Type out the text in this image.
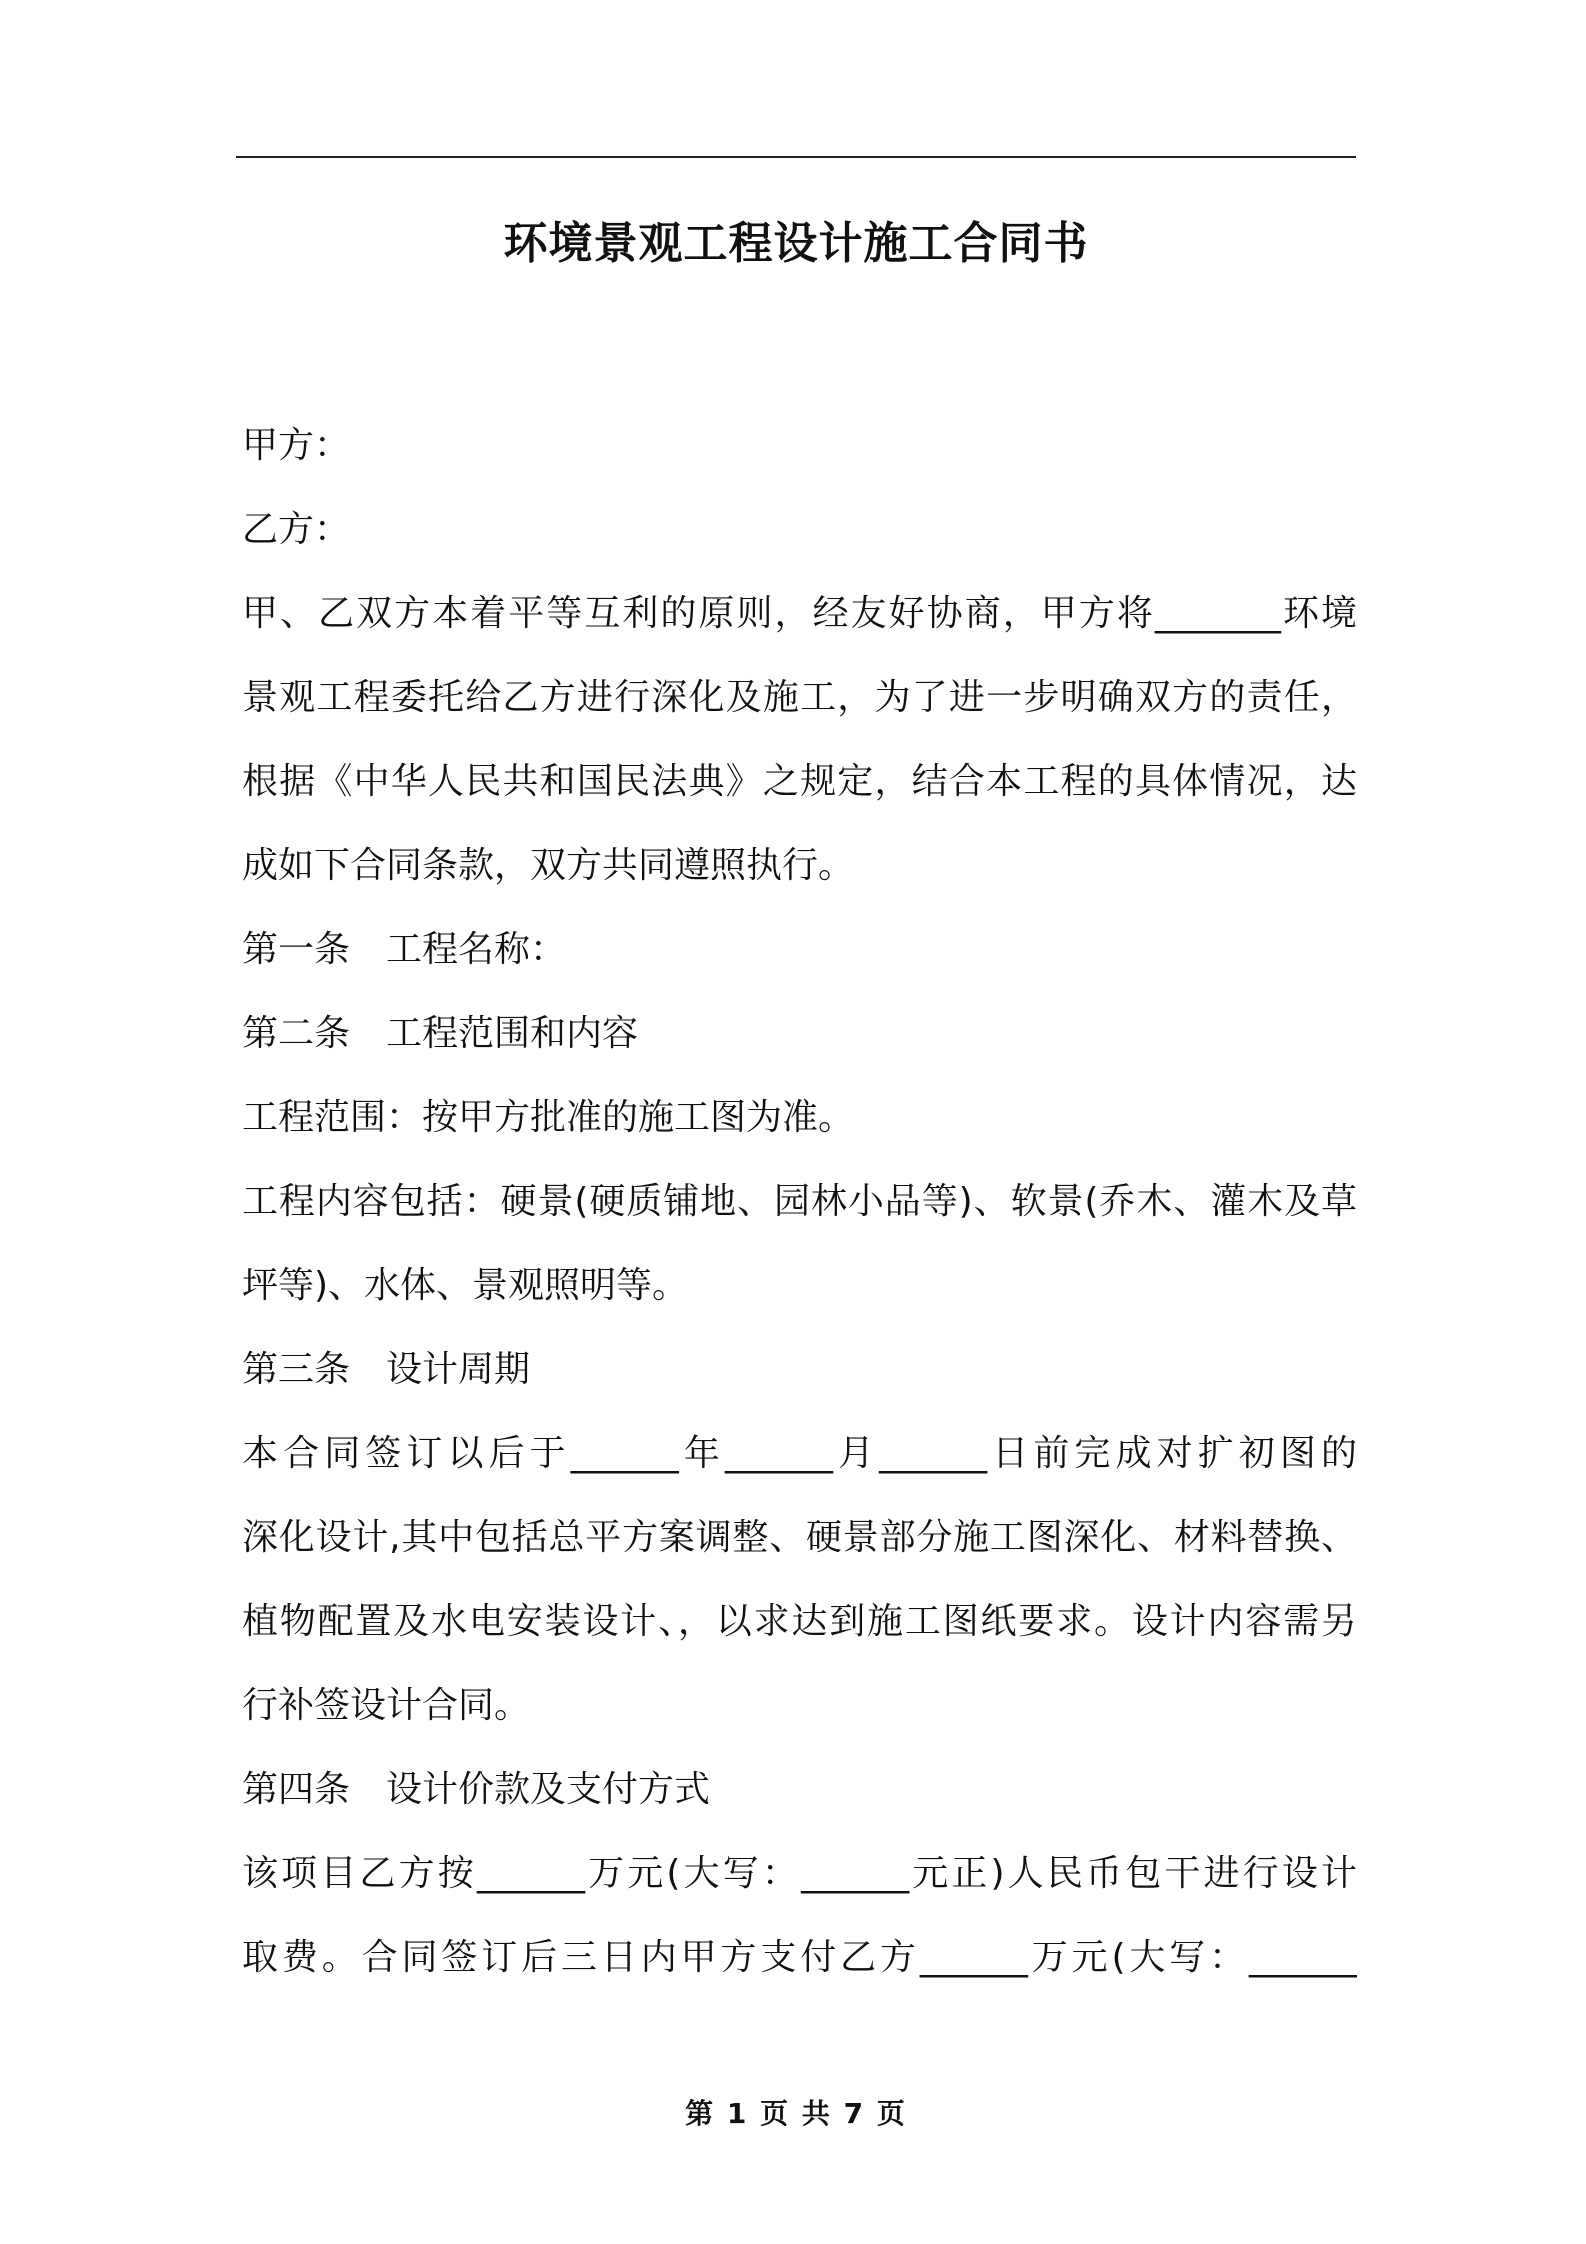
环境景观工程设计施工合同书
甲方：
乙方：
甲、乙双方本着平等互利的原则，经友好协商，甲方将_______环境
景观工程委托给乙方进行深化及施工，为了进一步明确双方的责任，
根据《中华人民共和国民法典》之规定，结合本工程的具体情况，达
成如下合同条款，双方共同遵照执行。
第一条　工程名称：
第二条　工程范围和内容
工程范围：按甲方批准的施工图为准。
工程内容包括：硬景(硬质铺地、园林小品等)、软景(乔木、灌木及草
坪等)、水体、景观照明等。
第三条　设计周期
本合同签订以后于______年______月______日前完成对扩初图的
深化设计,其中包括总平方案调整、硬景部分施工图深化、材料替换、
植物配置及水电安装设计、，以求达到施工图纸要求。设计内容需另
行补签设计合同。
第四条　设计价款及支付方式
该项目乙方按______万元(大写：______元正)人民币包干进行设计
取费。合同签订后三日内甲方支付乙方______万元(大写：______
第 1 页 共 7 页
